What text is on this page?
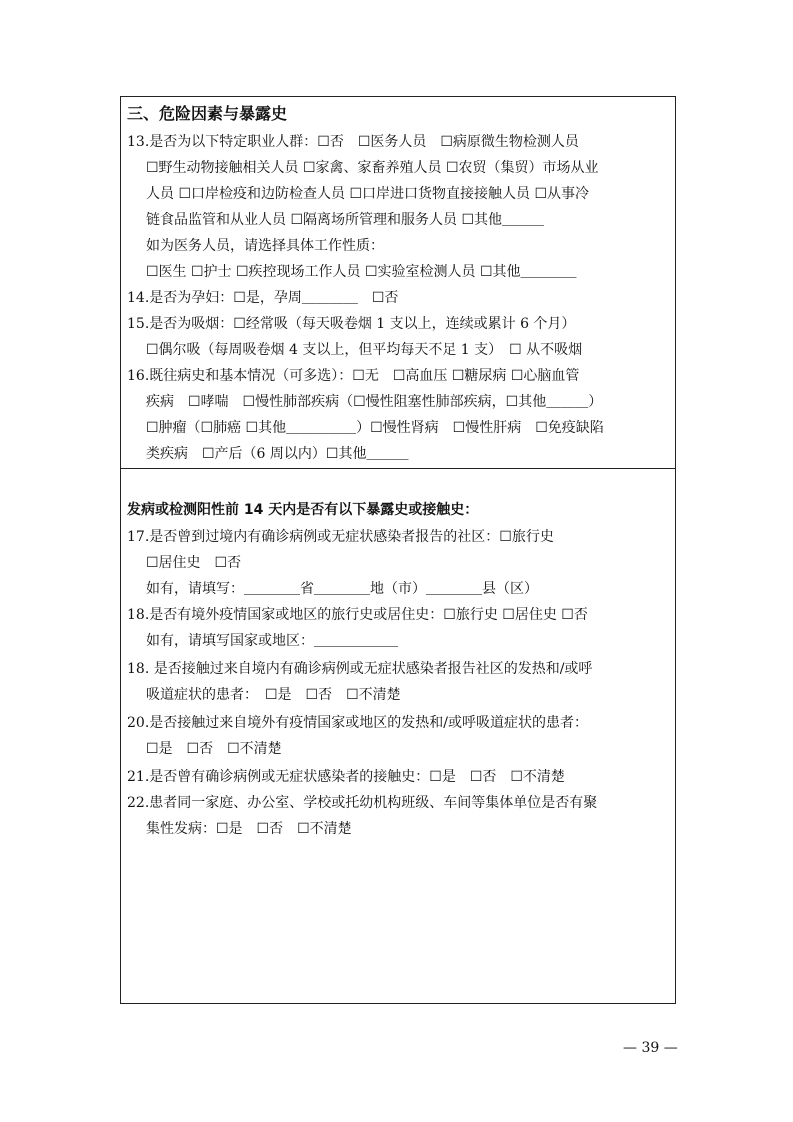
三、危险因素与暴露史
13.是否为以下特定职业人群：☐否　☐医务人员　☐病原微生物检测人员
☐野生动物接触相关人员 ☐家禽、家畜养殖人员 ☐农贸（集贸）市场从业
人员 ☐口岸检疫和边防检查人员 ☐口岸进口货物直接接触人员 ☐从事冷
链食品监管和从业人员 ☐隔离场所管理和服务人员 ☐其他＿＿＿
如为医务人员，请选择具体工作性质：
☐医生 ☐护士 ☐疾控现场工作人员 ☐实验室检测人员 ☐其他＿＿＿＿
14.是否为孕妇：☐是，孕周＿＿＿＿　☐否
15.是否为吸烟：☐经常吸（每天吸卷烟 1 支以上，连续或累计 6 个月）
☐偶尔吸（每周吸卷烟 4 支以上，但平均每天不足 1 支）　☐ 从不吸烟
16.既往病史和基本情况（可多选）：☐无　☐高血压 ☐糖尿病 ☐心脑血管
疾病　☐哮喘　☐慢性肺部疾病（☐慢性阻塞性肺部疾病，☐其他＿＿＿）
☐肿瘤（☐肺癌 ☐其他＿＿＿＿＿）☐慢性肾病　☐慢性肝病　☐免疫缺陷
类疾病　☐产后（6 周以内）☐其他＿＿＿
发病或检测阳性前 14 天内是否有以下暴露史或接触史：
17.是否曾到过境内有确诊病例或无症状感染者报告的社区：☐旅行史
☐居住史　☐否
如有，请填写：＿＿＿＿省＿＿＿＿地（市）＿＿＿＿县（区）
18.是否有境外疫情国家或地区的旅行史或居住史：☐旅行史 ☐居住史 ☐否
如有，请填写国家或地区：＿＿＿＿＿＿
18. 是否接触过来自境内有确诊病例或无症状感染者报告社区的发热和/或呼
吸道症状的患者：　☐是　☐否　☐不清楚
20.是否接触过来自境外有疫情国家或地区的发热和/或呼吸道症状的患者：
☐是　☐否　☐不清楚
21.是否曾有确诊病例或无症状感染者的接触史：☐是　☐否　☐不清楚
22.患者同一家庭、办公室、学校或托幼机构班级、车间等集体单位是否有聚
集性发病：☐是　☐否　☐不清楚
— 39 —
